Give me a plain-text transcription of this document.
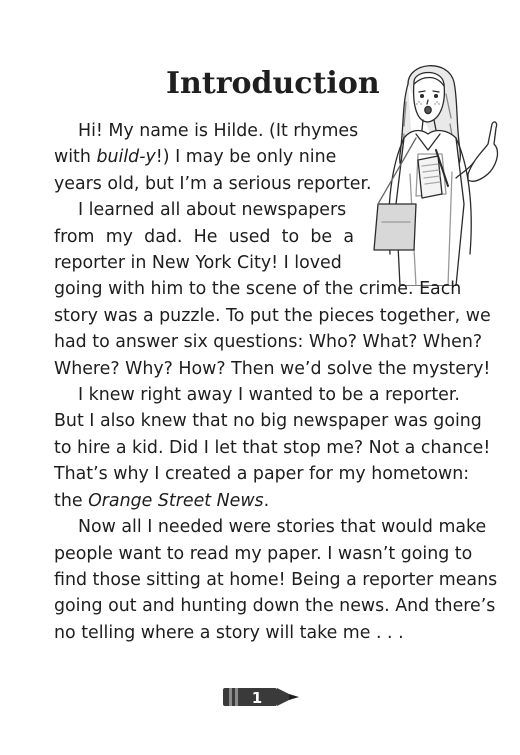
Introduction
Hi! My name is Hilde. (It rhymes
with build-y!) I may be only nine
years old, but I’m a serious reporter.
I learned all about newspapers
from my dad. He used to be a
reporter in New York City! I loved
going with him to the scene of the crime. Each
story was a puzzle. To put the pieces together, we
had to answer six questions: Who? What? When?
Where? Why? How? Then we’d solve the mystery!
I knew right away I wanted to be a reporter.
But I also knew that no big newspaper was going
to hire a kid. Did I let that stop me? Not a chance!
That’s why I created a paper for my hometown:
the Orange Street News.
Now all I needed were stories that would make
people want to read my paper. I wasn’t going to
find those sitting at home! Being a reporter means
going out and hunting down the news. And there’s
no telling where a story will take me . . .
1
